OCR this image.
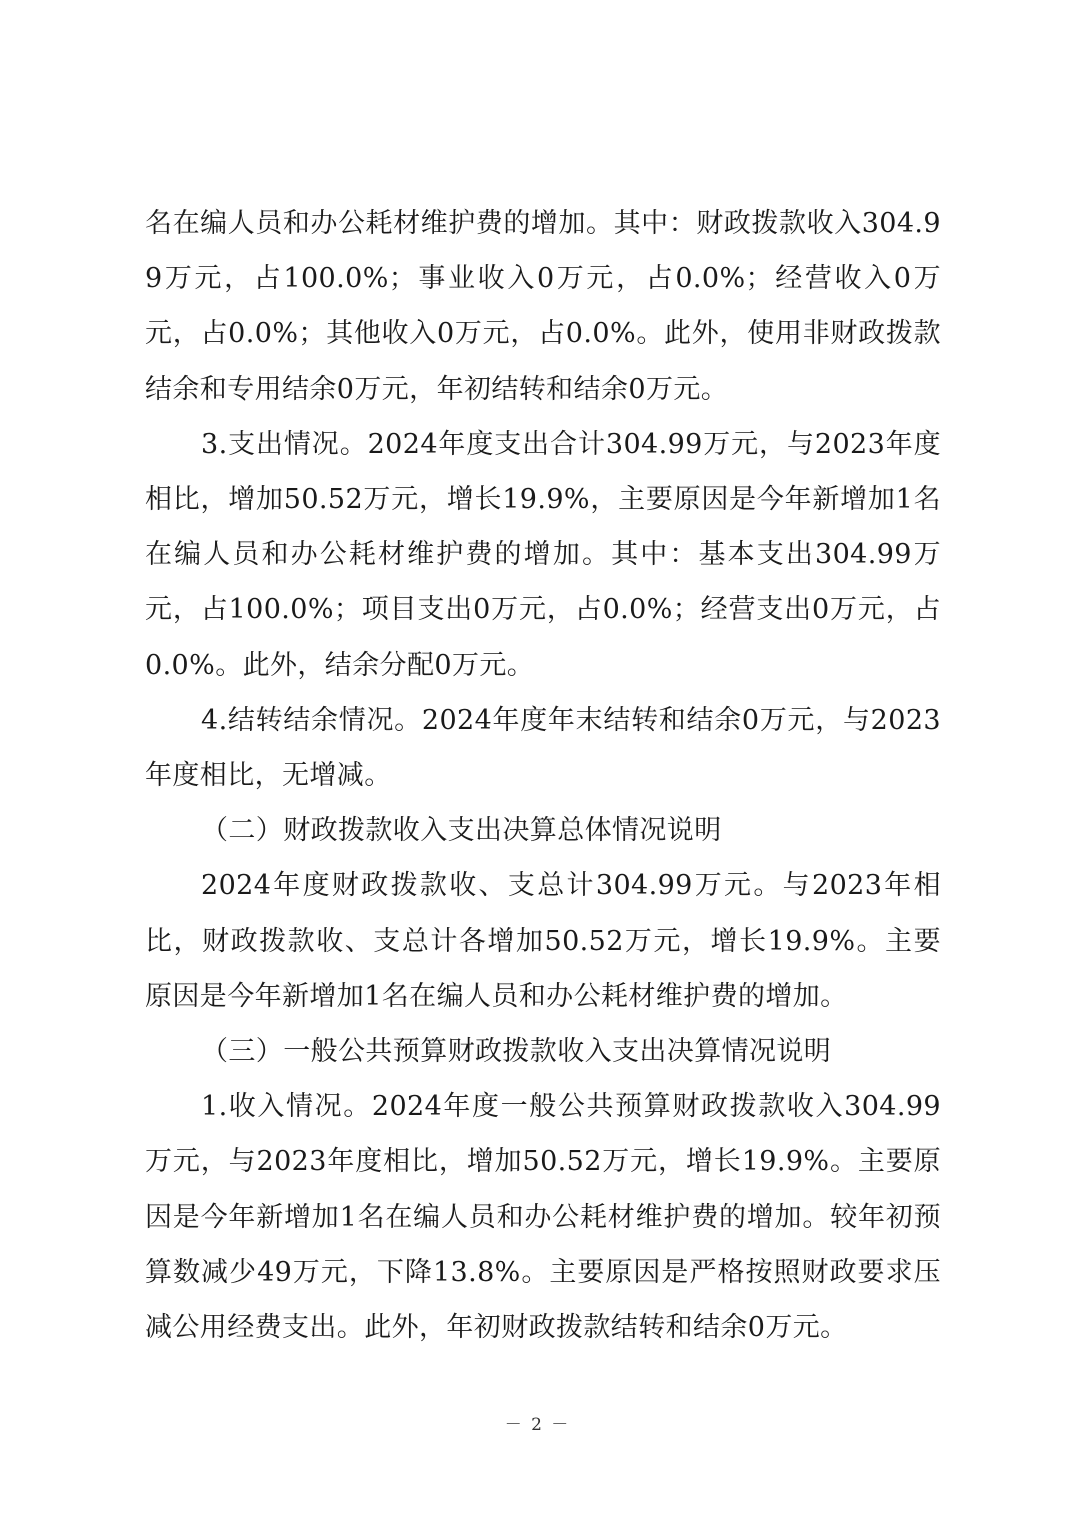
名在编人员和办公耗材维护费的增加。其中：财政拨款收入304.99万元，占100.0%；事业收入0万元，占0.0%；经营收入0万元，占0.0%；其他收入0万元，占0.0%。此外，使用非财政拨款结余和专用结余0万元，年初结转和结余0万元。

3.支出情况。2024年度支出合计304.99万元，与2023年度相比，增加50.52万元，增长19.9%，主要原因是今年新增加1名在编人员和办公耗材维护费的增加。其中：基本支出304.99万元，占100.0%；项目支出0万元，占0.0%；经营支出0万元，占0.0%。此外，结余分配0万元。

4.结转结余情况。2024年度年末结转和结余0万元，与2023年度相比，无增减。

（二）财政拨款收入支出决算总体情况说明

2024年度财政拨款收、支总计304.99万元。与2023年相比，财政拨款收、支总计各增加50.52万元，增长19.9%。主要原因是今年新增加1名在编人员和办公耗材维护费的增加。

（三）一般公共预算财政拨款收入支出决算情况说明

1.收入情况。2024年度一般公共预算财政拨款收入304.99万元，与2023年度相比，增加50.52万元，增长19.9%。主要原因是今年新增加1名在编人员和办公耗材维护费的增加。较年初预算数减少49万元，下降13.8%。主要原因是严格按照财政要求压减公用经费支出。此外，年初财政拨款结转和结余0万元。

－ 2 －
